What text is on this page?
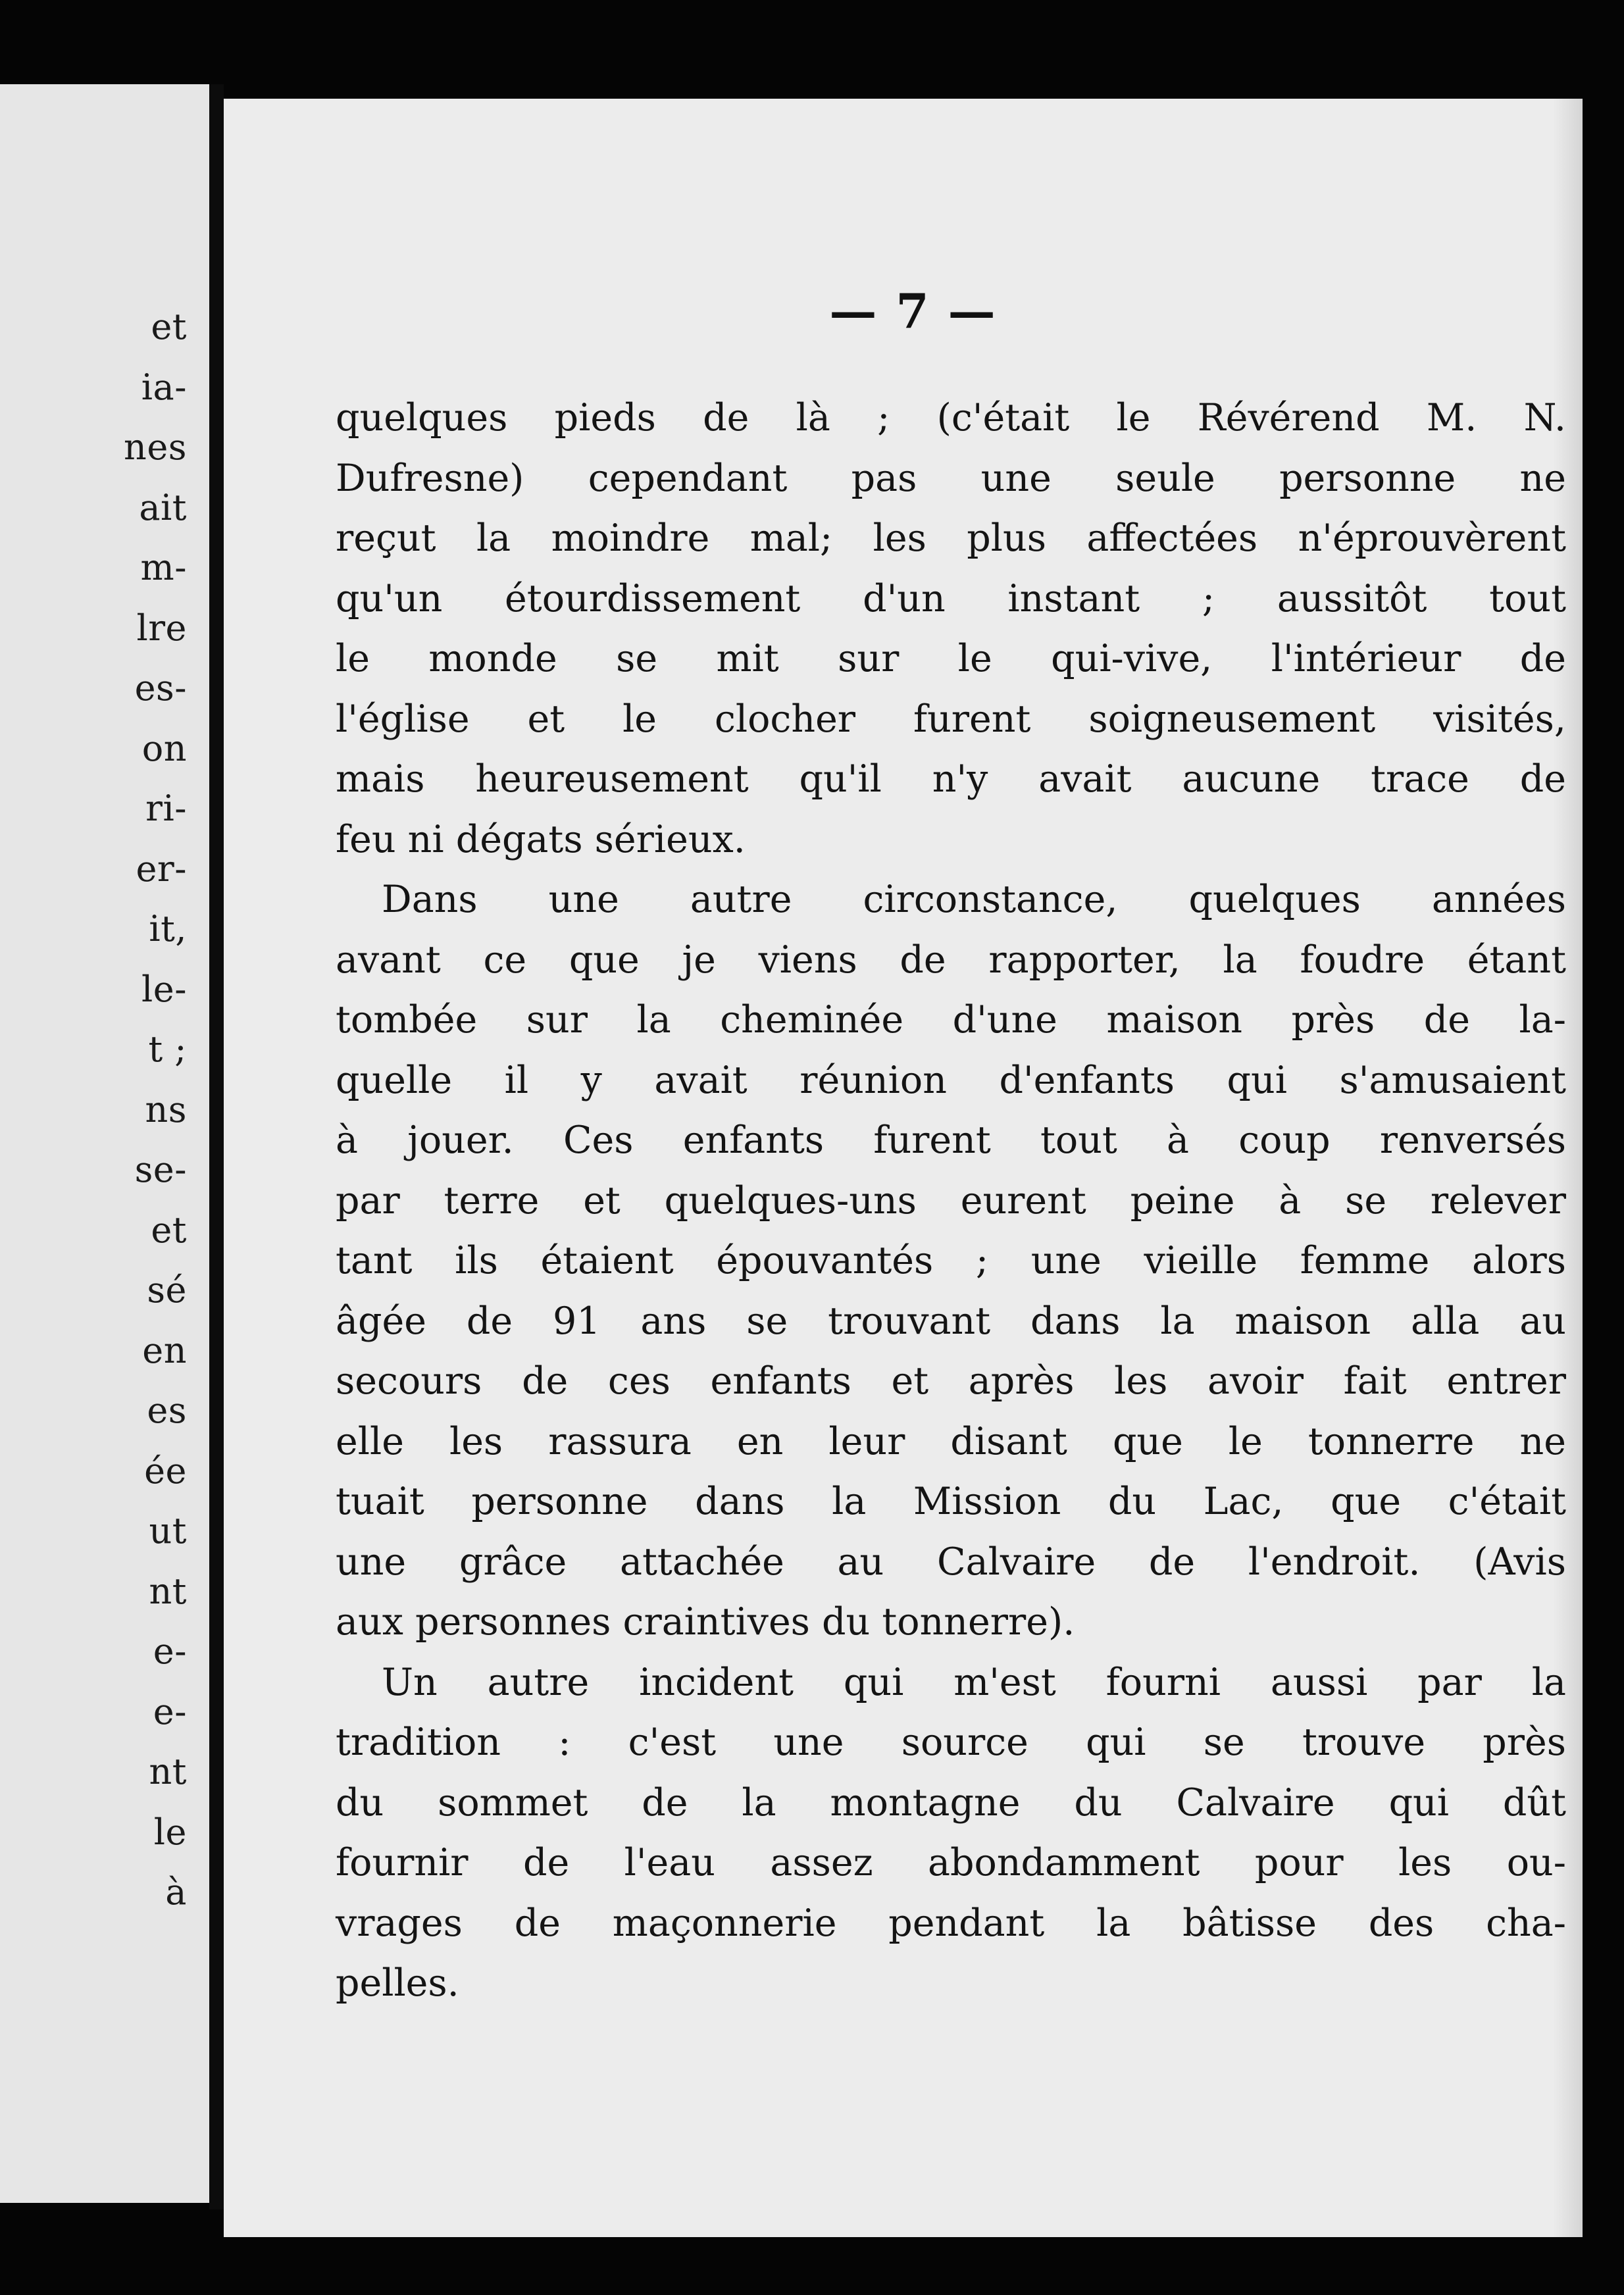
et
ia-
nes
ait
m-
lre
es-
on
ri-
er-
it,
le-
t ;
ns
se-
et
sé
en
es
ée
ut
nt
e-
e-
nt
le
à
— 7 —
quelques pieds de là ; (c'était le Révérend M. N.
Dufresne) cependant pas une seule personne ne
reçut la moindre mal; les plus affectées n'éprouvèrent
qu'un étourdissement d'un instant ; aussitôt tout
le monde se mit sur le qui-vive, l'intérieur de
l'église et le clocher furent soigneusement visités,
mais heureusement qu'il n'y avait aucune trace de
feu ni dégats sérieux.
Dans une autre circonstance, quelques années
avant ce que je viens de rapporter, la foudre étant
tombée sur la cheminée d'une maison près de la-
quelle il y avait réunion d'enfants qui s'amusaient
à jouer. Ces enfants furent tout à coup renversés
par terre et quelques-uns eurent peine à se relever
tant ils étaient épouvantés ; une vieille femme alors
âgée de 91 ans se trouvant dans la maison alla au
secours de ces enfants et après les avoir fait entrer
elle les rassura en leur disant que le tonnerre ne
tuait personne dans la Mission du Lac, que c'était
une grâce attachée au Calvaire de l'endroit. (Avis
aux personnes craintives du tonnerre).
Un autre incident qui m'est fourni aussi par la
tradition : c'est une source qui se trouve près
du sommet de la montagne du Calvaire qui dût
fournir de l'eau assez abondamment pour les ou-
vrages de maçonnerie pendant la bâtisse des cha-
pelles.
